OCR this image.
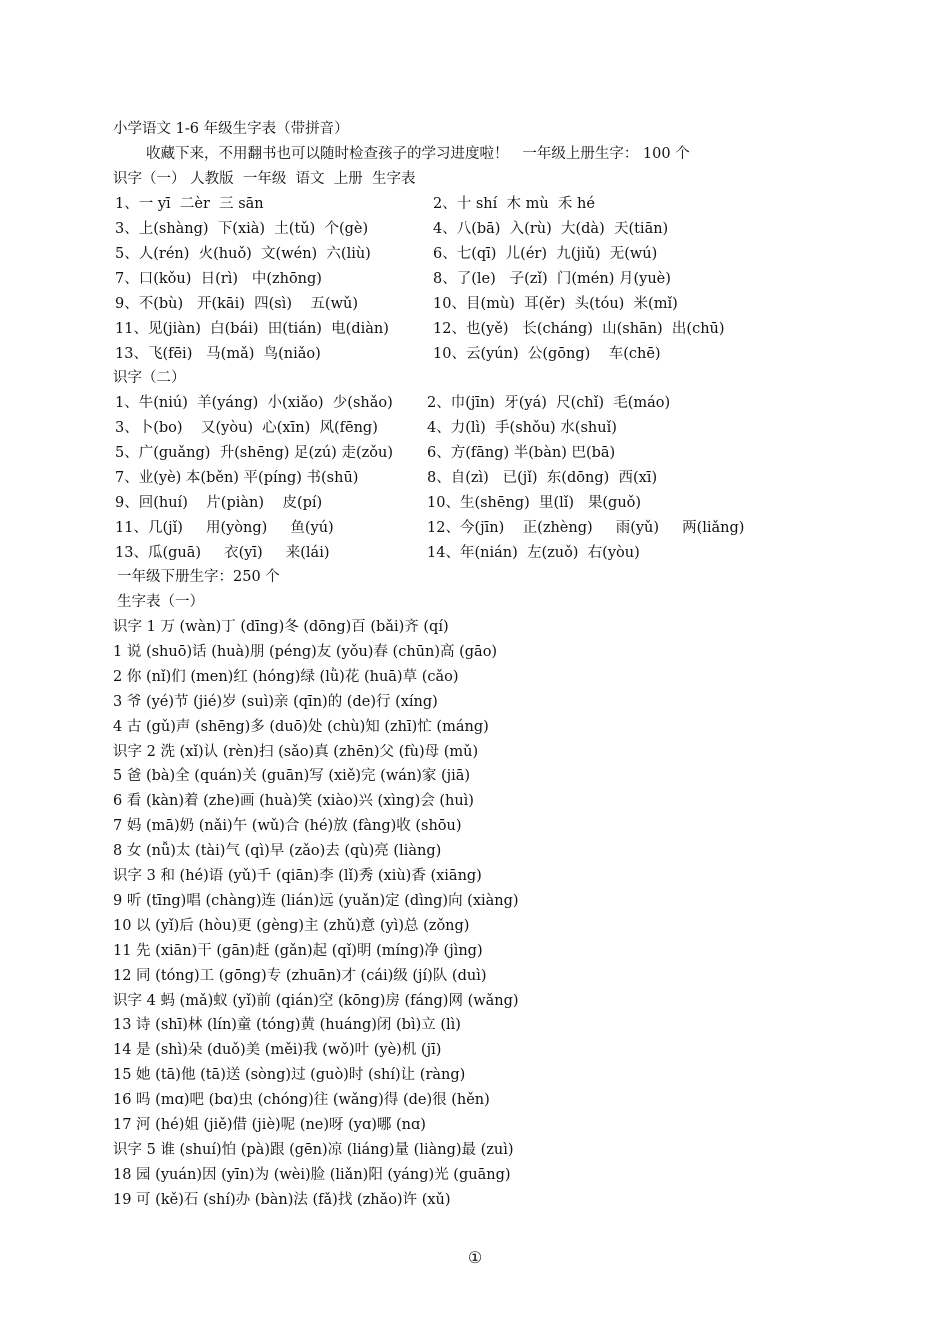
小学语文 1-6 年级生字表（带拼音）
收藏下来，不用翻书也可以随时检查孩子的学习进度啦！   一年级上册生字： 100 个
识字（一） 人教版  一年级  语文  上册  生字表
1、一 yī  二èr  三 sān	2、十 shí  木 mù  禾 hé
3、上(shàng)  下(xià)  土(tǔ)  个(gè)	4、八(bā)  入(rù)  大(dà)  天(tiān)
5、人(rén)  火(huǒ)  文(wén)  六(liù)	6、七(qī)  儿(ér)  九(jiǔ)  无(wú)
7、口(kǒu)  日(rì)   中(zhōng)	8、了(le)   子(zǐ)  门(mén) 月(yuè)
9、不(bù)   开(kāi)  四(sì)    五(wǔ)	10、目(mù)  耳(ěr)  头(tóu)  米(mǐ)
11、见(jiàn)  白(bái)  田(tián)  电(diàn)	12、也(yě)   长(cháng)  山(shān)  出(chū)
13、飞(fēi)   马(mǎ)  鸟(niǎo)	10、云(yún)  公(gōng)    车(chē)
识字（二）
1、牛(niú)  羊(yáng)  小(xiǎo)  少(shǎo) 2、巾(jīn)  牙(yá)  尺(chǐ)  毛(máo)
3、卜(bo)    又(yòu)  心(xīn)  风(fēng)	4、力(lì)  手(shǒu) 水(shuǐ)
5、广(guǎng)  升(shēng) 足(zú) 走(zǒu) 6、方(fāng) 半(bàn) 巴(bā)
7、业(yè) 本(běn) 平(píng) 书(shū)	8、自(zì)   已(jǐ)  东(dōng)  西(xī)
9、回(huí)    片(piàn)    皮(pí)	10、生(shēng)  里(lǐ)   果(guǒ)
11、几(jǐ)     用(yòng)     鱼(yú)	12、今(jīn)    正(zhèng)     雨(yǔ)     两(liǎng)
13、瓜(guā)     衣(yī)     来(lái)	14、年(nián)  左(zuǒ)  右(yòu)
一年级下册生字：250 个
生字表（一）
识字 1 万 (wàn)丁 (dīng)冬 (dōng)百 (bǎi)齐 (qí)
1 说 (shuō)话 (huà)朋 (péng)友 (yǒu)春 (chūn)高 (gāo)
2 你 (nǐ)们 (men)红 (hóng)绿 (lǜ)花 (huā)草 (cǎo)
3 爷 (yé)节 (jié)岁 (suì)亲 (qīn)的 (de)行 (xíng)
4 古 (gǔ)声 (shēng)多 (duō)处 (chù)知 (zhī)忙 (máng)
识字 2 洗 (xǐ)认 (rèn)扫 (sǎo)真 (zhēn)父 (fù)母 (mǔ)
5 爸 (bà)全 (quán)关 (guān)写 (xiě)完 (wán)家 (jiā)
6 看 (kàn)着 (zhe)画 (huà)笑 (xiào)兴 (xìng)会 (huì)
7 妈 (mā)奶 (nǎi)午 (wǔ)合 (hé)放 (fàng)收 (shōu)
8 女 (nǚ)太 (tài)气 (qì)早 (zǎo)去 (qù)亮 (liàng)
识字 3 和 (hé)语 (yǔ)千 (qiān)李 (lǐ)秀 (xiù)香 (xiāng)
9 听 (tīng)唱 (chàng)连 (lián)远 (yuǎn)定 (dìng)向 (xiàng)
10 以 (yǐ)后 (hòu)更 (gèng)主 (zhǔ)意 (yì)总 (zǒng)
11 先 (xiān)干 (gān)赶 (gǎn)起 (qǐ)明 (míng)净 (jìng)
12 同 (tóng)工 (gōng)专 (zhuān)才 (cái)级 (jí)队 (duì)
识字 4 蚂 (mǎ)蚁 (yǐ)前 (qián)空 (kōng)房 (fáng)网 (wǎng)
13 诗 (shī)林 (lín)童 (tóng)黄 (huáng)闭 (bì)立 (lì)
14 是 (shì)朵 (duǒ)美 (měi)我 (wǒ)叶 (yè)机 (jī)
15 她 (tā)他 (tā)送 (sòng)过 (guò)时 (shí)让 (ràng)
16 吗 (mɑ)吧 (bɑ)虫 (chóng)往 (wǎng)得 (de)很 (hěn)
17 河 (hé)姐 (jiě)借 (jiè)呢 (ne)呀 (yɑ)哪 (nɑ)
识字 5 谁 (shuí)怕 (pà)跟 (gēn)凉 (liáng)量 (liàng)最 (zuì)
18 园 (yuán)因 (yīn)为 (wèi)脸 (liǎn)阳 (yáng)光 (guāng)
19 可 (kě)石 (shí)办 (bàn)法 (fǎ)找 (zhǎo)许 (xǔ)
①
